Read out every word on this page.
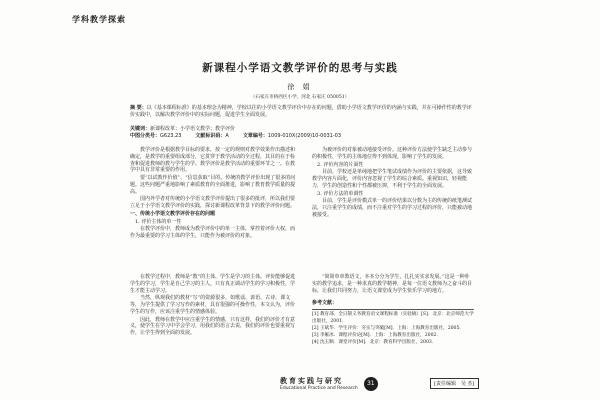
学科教学探索
新课程小学语文教学评价的思考与实践
徐 娟
（石家庄市桥西区小学，河北 石家庄 050051）
摘 要：以《基本课程标准》的基本理念为精神，学校以往的小学语文教学评价中存在的问题，借助小学语文教学评价的内涵与实践，并在可操作性的教学评价实践中，以解决教学评价中的实际问题，促进学生全面发展。
关键词：新课程改革；小学语文教学；教学评价
中图分类号：G623.23	文献标识码：A	文章编号：1009-010X(2009)10-0031-03

教学评价是根据教学目标的要求，按一定的规则对教学效果作出描述和确定，是教学的重要组成部分，它贯穿于教学活动的全过程，其目的在于检查和促进教师的教与学生的学。教学评价是教学活动的重要环节之一。在教学中具有非常重要的作用。

要“以试教作价值”、“信息获取”目的，传统的教学评价出现了很多的问题。这些问题严重地影响了素质教育的全面推进，影响了教育教学质量的提高。

国内外学者对传统的小学语文教学评价提出了很多的批评，所以我们要立足于小学语文教学评价的实践，探讨新课程改革背景下的教学评价问题。

一、传统小学语文教学评价存在的问题
1. 评价主体的单一性

在教学评价中，教师成为教学评价中的单一主体，掌控着评价大权，而作为最重要的学习主体的学生，只能作为被评价的对象。

为被评价的对象被动地接受评价。这种评价方法使学生缺乏主动参与的积极性，学生的主体地位得不到体现，影响了学生的发展。

2. 评价内容的片面性

目前，学校还是单纯地把学生笔试成绩作为评价的主要依据，这导致教学内容片面化，评价内容忽视了学生的综合素质。重视知识，轻视能力，学生的创造性和个性都被压抑，不利于学生的全面发展。

3. 评价方法的单调性

目前，学生是评价模式单一的评价结果以分数为主的传统的纸笔测试法，只注重学生的成绩，而不注重对学生的学习过程的评价，只能被动地被接受。

在教学过程中，教师是“教”的主体，学生是学习的主体。评价能够促进学生的学习，学生是自己学习的主人。只有真正调动学生的学习积极性，学生才能主动学习。

当然，纵观我们的教材“写”的资源很多，如歌谣、谚语、古诗、课文等，为学生提供了学习写作的素材，具有很强的可操作性，本文认为，评价学生的写作，应该注重学生的情感体验。

因此，教师在教学中应注重学生的情感，只有这样，我们的评价才有意义，使学生在学习中学会学习，用我们的语言去说，我们的评价也要重视写作，让学生得到全面的发展。

“简简单单教语文，本本分分为学生，扎扎实实求发展。”这是一种朴实的教学追求，是一种求真的教学精神，是每一位语文教师为之奋斗的目标，让我们共同努力，让语文课堂成为学生快乐学习的地方。

参考文献：
[1] 教育部．全日制义务教育语文课程标准（实验稿）[S]．北京：北京师范大学出版社，2001．
[2] 王斌华．学生评价：夯实与突破[M]．上海：上海教育出版社，2005．
[3] 李雁冰．课程评价论[M]．上海：上海教育出版社，2002．
[4] 沈玉顺．课堂评价[M]．北京：教育科学出版社，2003．
教育实践与研究
Educational Practice and Research
31	[责任编辑　吴 杰]
